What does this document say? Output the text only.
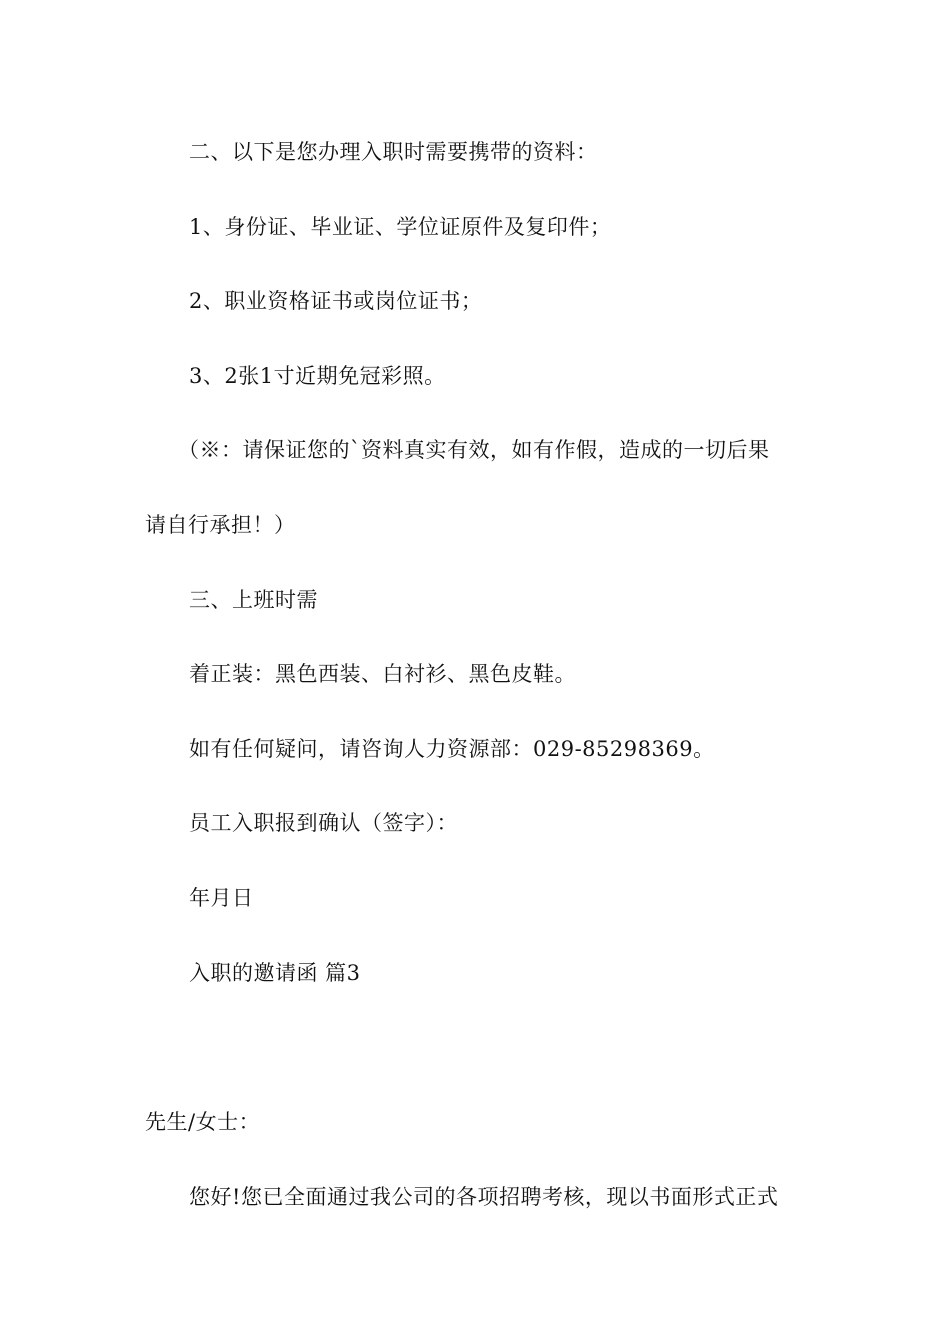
二、以下是您办理入职时需要携带的资料：
1、身份证、毕业证、学位证原件及复印件；
2、职业资格证书或岗位证书；
3、2张1寸近期免冠彩照。
（※：请保证您的`资料真实有效，如有作假，造成的一切后果
请自行承担！）
三、上班时需
着正装：黑色西装、白衬衫、黑色皮鞋。
如有任何疑问，请咨询人力资源部：029-85298369。
员工入职报到确认（签字）：
年月日
入职的邀请函 篇3
先生/女士：
您好!您已全面通过我公司的各项招聘考核，现以书面形式正式
